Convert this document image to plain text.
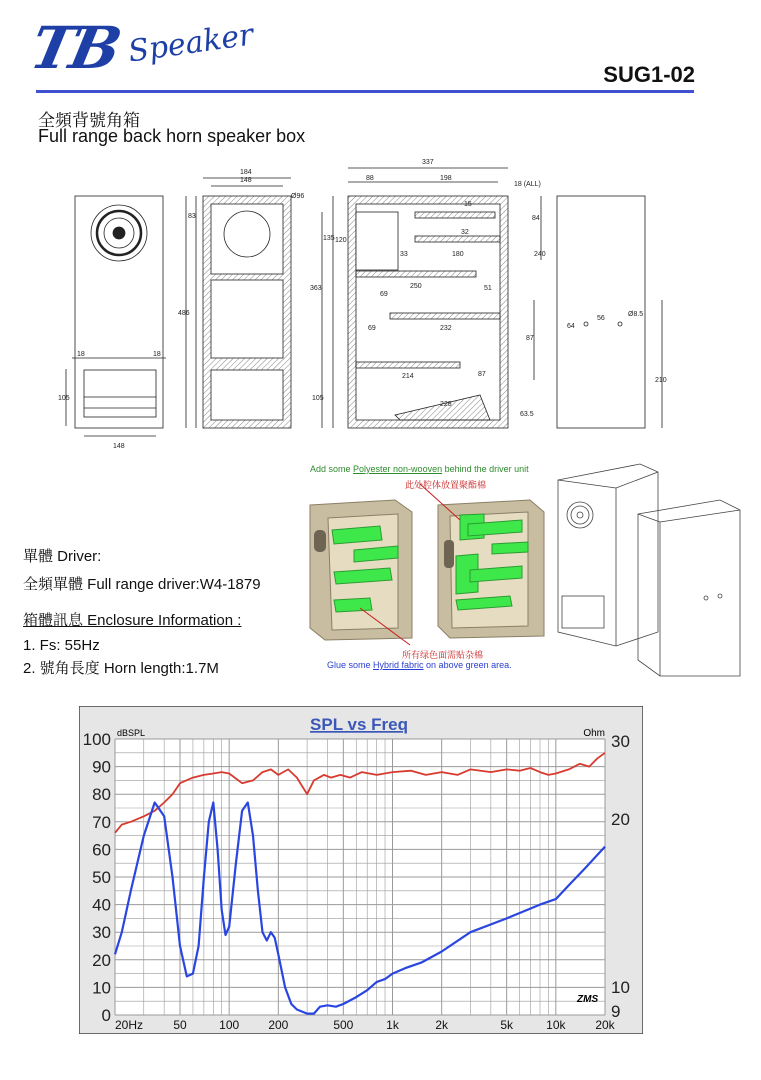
TB Speaker
SUG1-02
全頻背號角箱
Full range back horn speaker box
148
18	18
105
184
148
Ø96
83
486
105
337
88	198
18 (ALL)
33
15
32
180
135 120
250	51
69
69	232
214	87
228
363
84
240
87
63.5
64
56
Ø8.5
210
Add some Polyester non-wooven behind the driver unit
此处腔体放置聚酯棉
所有绿色面需贴杂棉
Glue some Hybrid fabric on above green area.
單體 Driver:
全頻單體 Full range driver:W4-1879
箱體訊息 Enclosure Information :
1. Fs: 55Hz
2. 號角長度 Horn length:1.7M
SPL vs Freq
dBSPL	Ohm
ZMS
20Hz	50	100 200	500	1k	2k	5k	10k 20k
100
90
80
70
60
50
40
30
20
10
0
30
20
10
9
